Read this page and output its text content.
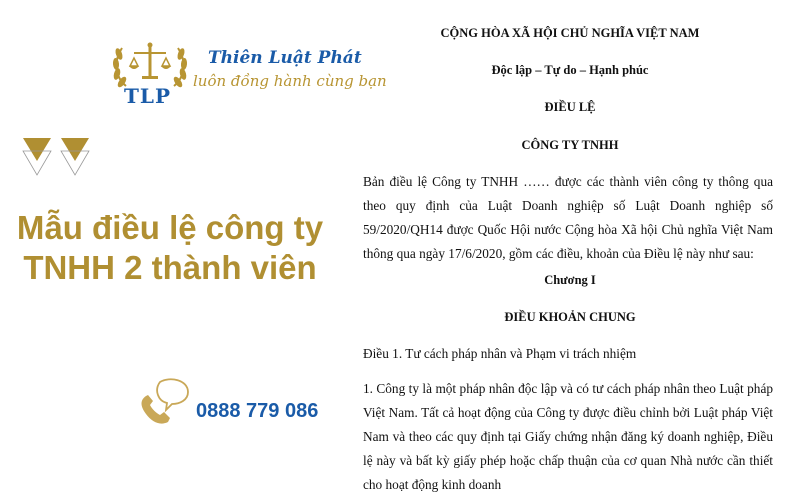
TLP
Thiên Luật Phát
luôn đồng hành cùng bạn
Mẫu điều lệ công ty
TNHH 2 thành viên
0888 779 086
CỘNG HÒA XÃ HỘI CHỦ NGHĨA VIỆT NAM
Độc lập – Tự do – Hạnh phúc
ĐIỀU LỆ
CÔNG TY TNHH
Bản điều lệ Công ty TNHH …… được các thành viên công ty thông qua theo quy định của Luật Doanh nghiệp số Luật Doanh nghiệp số 59/2020/QH14 được Quốc Hội nước Cộng hòa Xã hội Chủ nghĩa Việt Nam thông qua ngày 17/6/2020, gồm các điều, khoản của Điều lệ này như sau:
Chương I
ĐIỀU KHOẢN CHUNG
Điều 1. Tư cách pháp nhân và Phạm vi trách nhiệm
1. Công ty là một pháp nhân độc lập và có tư cách pháp nhân theo Luật pháp Việt Nam. Tất cả hoạt động của Công ty được điều chỉnh bởi Luật pháp Việt Nam và theo các quy định tại Giấy chứng nhận đăng ký doanh nghiệp, Điều lệ này và bất kỳ giấy phép hoặc chấp thuận của cơ quan Nhà nước cần thiết cho hoạt động kinh doanh
